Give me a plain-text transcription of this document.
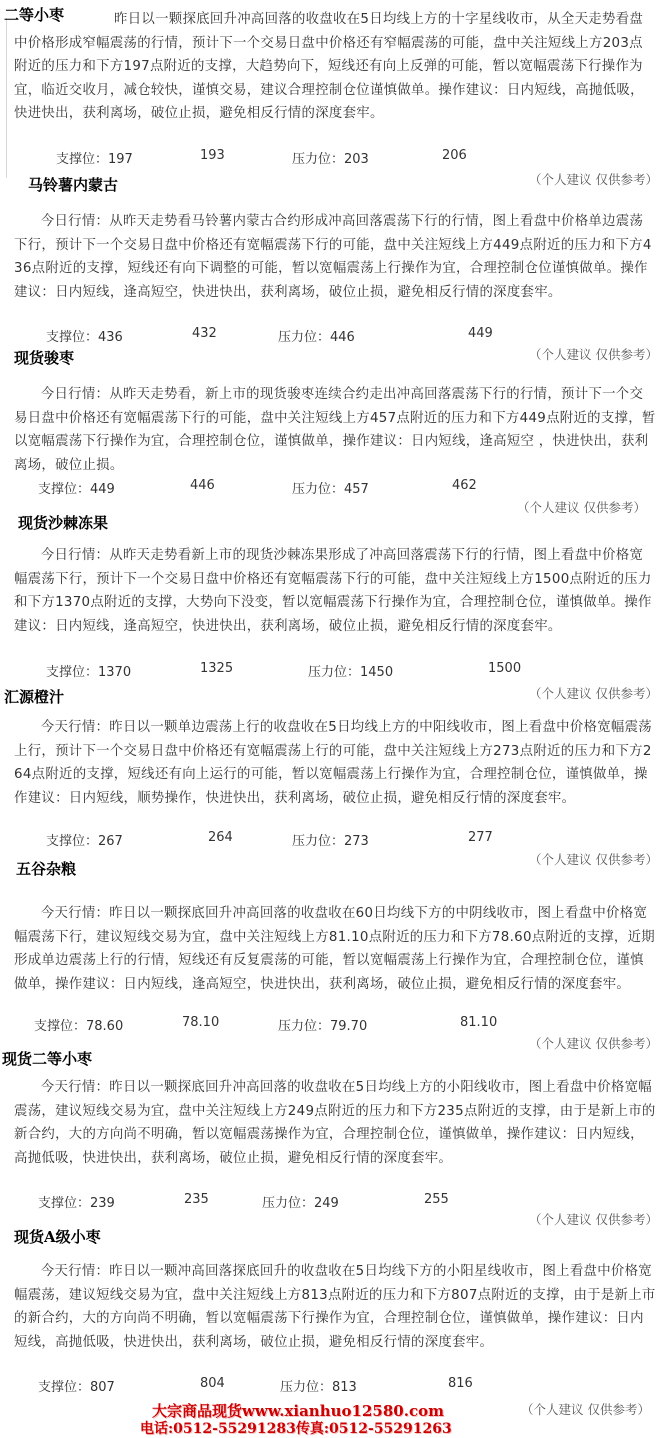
二等小枣	昨日以一颗探底回升冲高回落的收盘收在5日均线上方的十字星线收市，从全天走势看盘中价格形成窄幅震荡的行情，预计下一个交易日盘中价格还有窄幅震荡的可能，盘中关注短线上方203点附近的压力和下方197点附近的支撑，大趋势向下，短线还有向上反弹的可能，暂以宽幅震荡下行操作为宜，临近交收月，减仓较快，谨慎交易，建议合理控制仓位谨慎做单。操作建议：日内短线，高抛低吸，快进快出，获利离场，破位止损，避免相反行情的深度套牢。

支撑位：197	193	压力位：203	206
马铃薯内蒙古	（个人建议 仅供参考）

今日行情：从昨天走势看马铃薯内蒙古合约形成冲高回落震荡下行的行情，图上看盘中价格单边震荡下行，预计下一个交易日盘中价格还有宽幅震荡下行的可能，盘中关注短线上方449点附近的压力和下方436点附近的支撑，短线还有向下调整的可能，暂以宽幅震荡上行操作为宜，合理控制仓位谨慎做单。操作建议：日内短线，逢高短空，快进快出，获利离场，破位止损，避免相反行情的深度套牢。

支撑位：436	432	压力位：446	449
现货骏枣	（个人建议 仅供参考）

今日行情：从昨天走势看，新上市的现货骏枣连续合约走出冲高回落震荡下行的行情，预计下一个交易日盘中价格还有宽幅震荡下行的可能，盘中关注短线上方457点附近的压力和下方449点附近的支撑，暂以宽幅震荡下行操作为宜，合理控制仓位，谨慎做单，操作建议：日内短线，逢高短空 ，快进快出，获利离场，破位止损。

支撑位：449	446	压力位：457	462
（个人建议 仅供参考）
现货沙棘冻果

今日行情：从昨天走势看新上市的现货沙棘冻果形成了冲高回落震荡下行的行情，图上看盘中价格宽幅震荡下行，预计下一个交易日盘中价格还有宽幅震荡下行的可能，盘中关注短线上方1500点附近的压力和下方1370点附近的支撑，大势向下没变，暂以宽幅震荡下行操作为宜，合理控制仓位，谨慎做单。操作建议：日内短线，逢高短空，快进快出，获利离场，破位止损，避免相反行情的深度套牢。

支撑位：1370	1325	压力位：1450	1500
汇源橙汁	（个人建议 仅供参考）

今天行情：昨日以一颗单边震荡上行的收盘收在5日均线上方的中阳线收市，图上看盘中价格宽幅震荡上行，预计下一个交易日盘中价格还有宽幅震荡上行的可能，盘中关注短线上方273点附近的压力和下方264点附近的支撑，短线还有向上运行的可能，暂以宽幅震荡上行操作为宜，合理控制仓位，谨慎做单，操作建议：日内短线，顺势操作，快进快出，获利离场，破位止损，避免相反行情的深度套牢。

支撑位：267	264	压力位：273	277
（个人建议 仅供参考）
五谷杂粮

今天行情：昨日以一颗探底回升冲高回落的收盘收在60日均线下方的中阴线收市，图上看盘中价格宽幅震荡下行，建议短线交易为宜，盘中关注短线上方81.10点附近的压力和下方78.60点附近的支撑，近期形成单边震荡上行的行情，短线还有反复震荡的可能，暂以宽幅震荡上行操作为宜，合理控制仓位，谨慎做单，操作建议：日内短线，逢高短空，快进快出，获利离场，破位止损，避免相反行情的深度套牢。

支撑位：78.60	78.10	压力位：79.70	81.10
（个人建议 仅供参考）
现货二等小枣

今天行情：昨日以一颗探底回升冲高回落的收盘收在5日均线上方的小阳线收市，图上看盘中价格宽幅震荡，建议短线交易为宜，盘中关注短线上方249点附近的压力和下方235点附近的支撑，由于是新上市的新合约，大的方向尚不明确，暂以宽幅震荡操作为宜，合理控制仓位，谨慎做单，操作建议：日内短线，高抛低吸，快进快出，获利离场，破位止损，避免相反行情的深度套牢。

支撑位：239	235	压力位：249	255
（个人建议 仅供参考）
现货A级小枣

今天行情：昨日以一颗冲高回落探底回升的收盘收在5日均线下方的小阳星线收市，图上看盘中价格宽幅震荡，建议短线交易为宜，盘中关注短线上方813点附近的压力和下方807点附近的支撑，由于是新上市的新合约，大的方向尚不明确，暂以宽幅震荡下行操作为宜，合理控制仓位，谨慎做单，操作建议：日内短线，高抛低吸，快进快出，获利离场，破位止损，避免相反行情的深度套牢。

支撑位：807	804	压力位：813	816
（个人建议 仅供参考）
大宗商品现货www.xianhuo12580.com
电话:0512-55291283传真:0512-55291263
